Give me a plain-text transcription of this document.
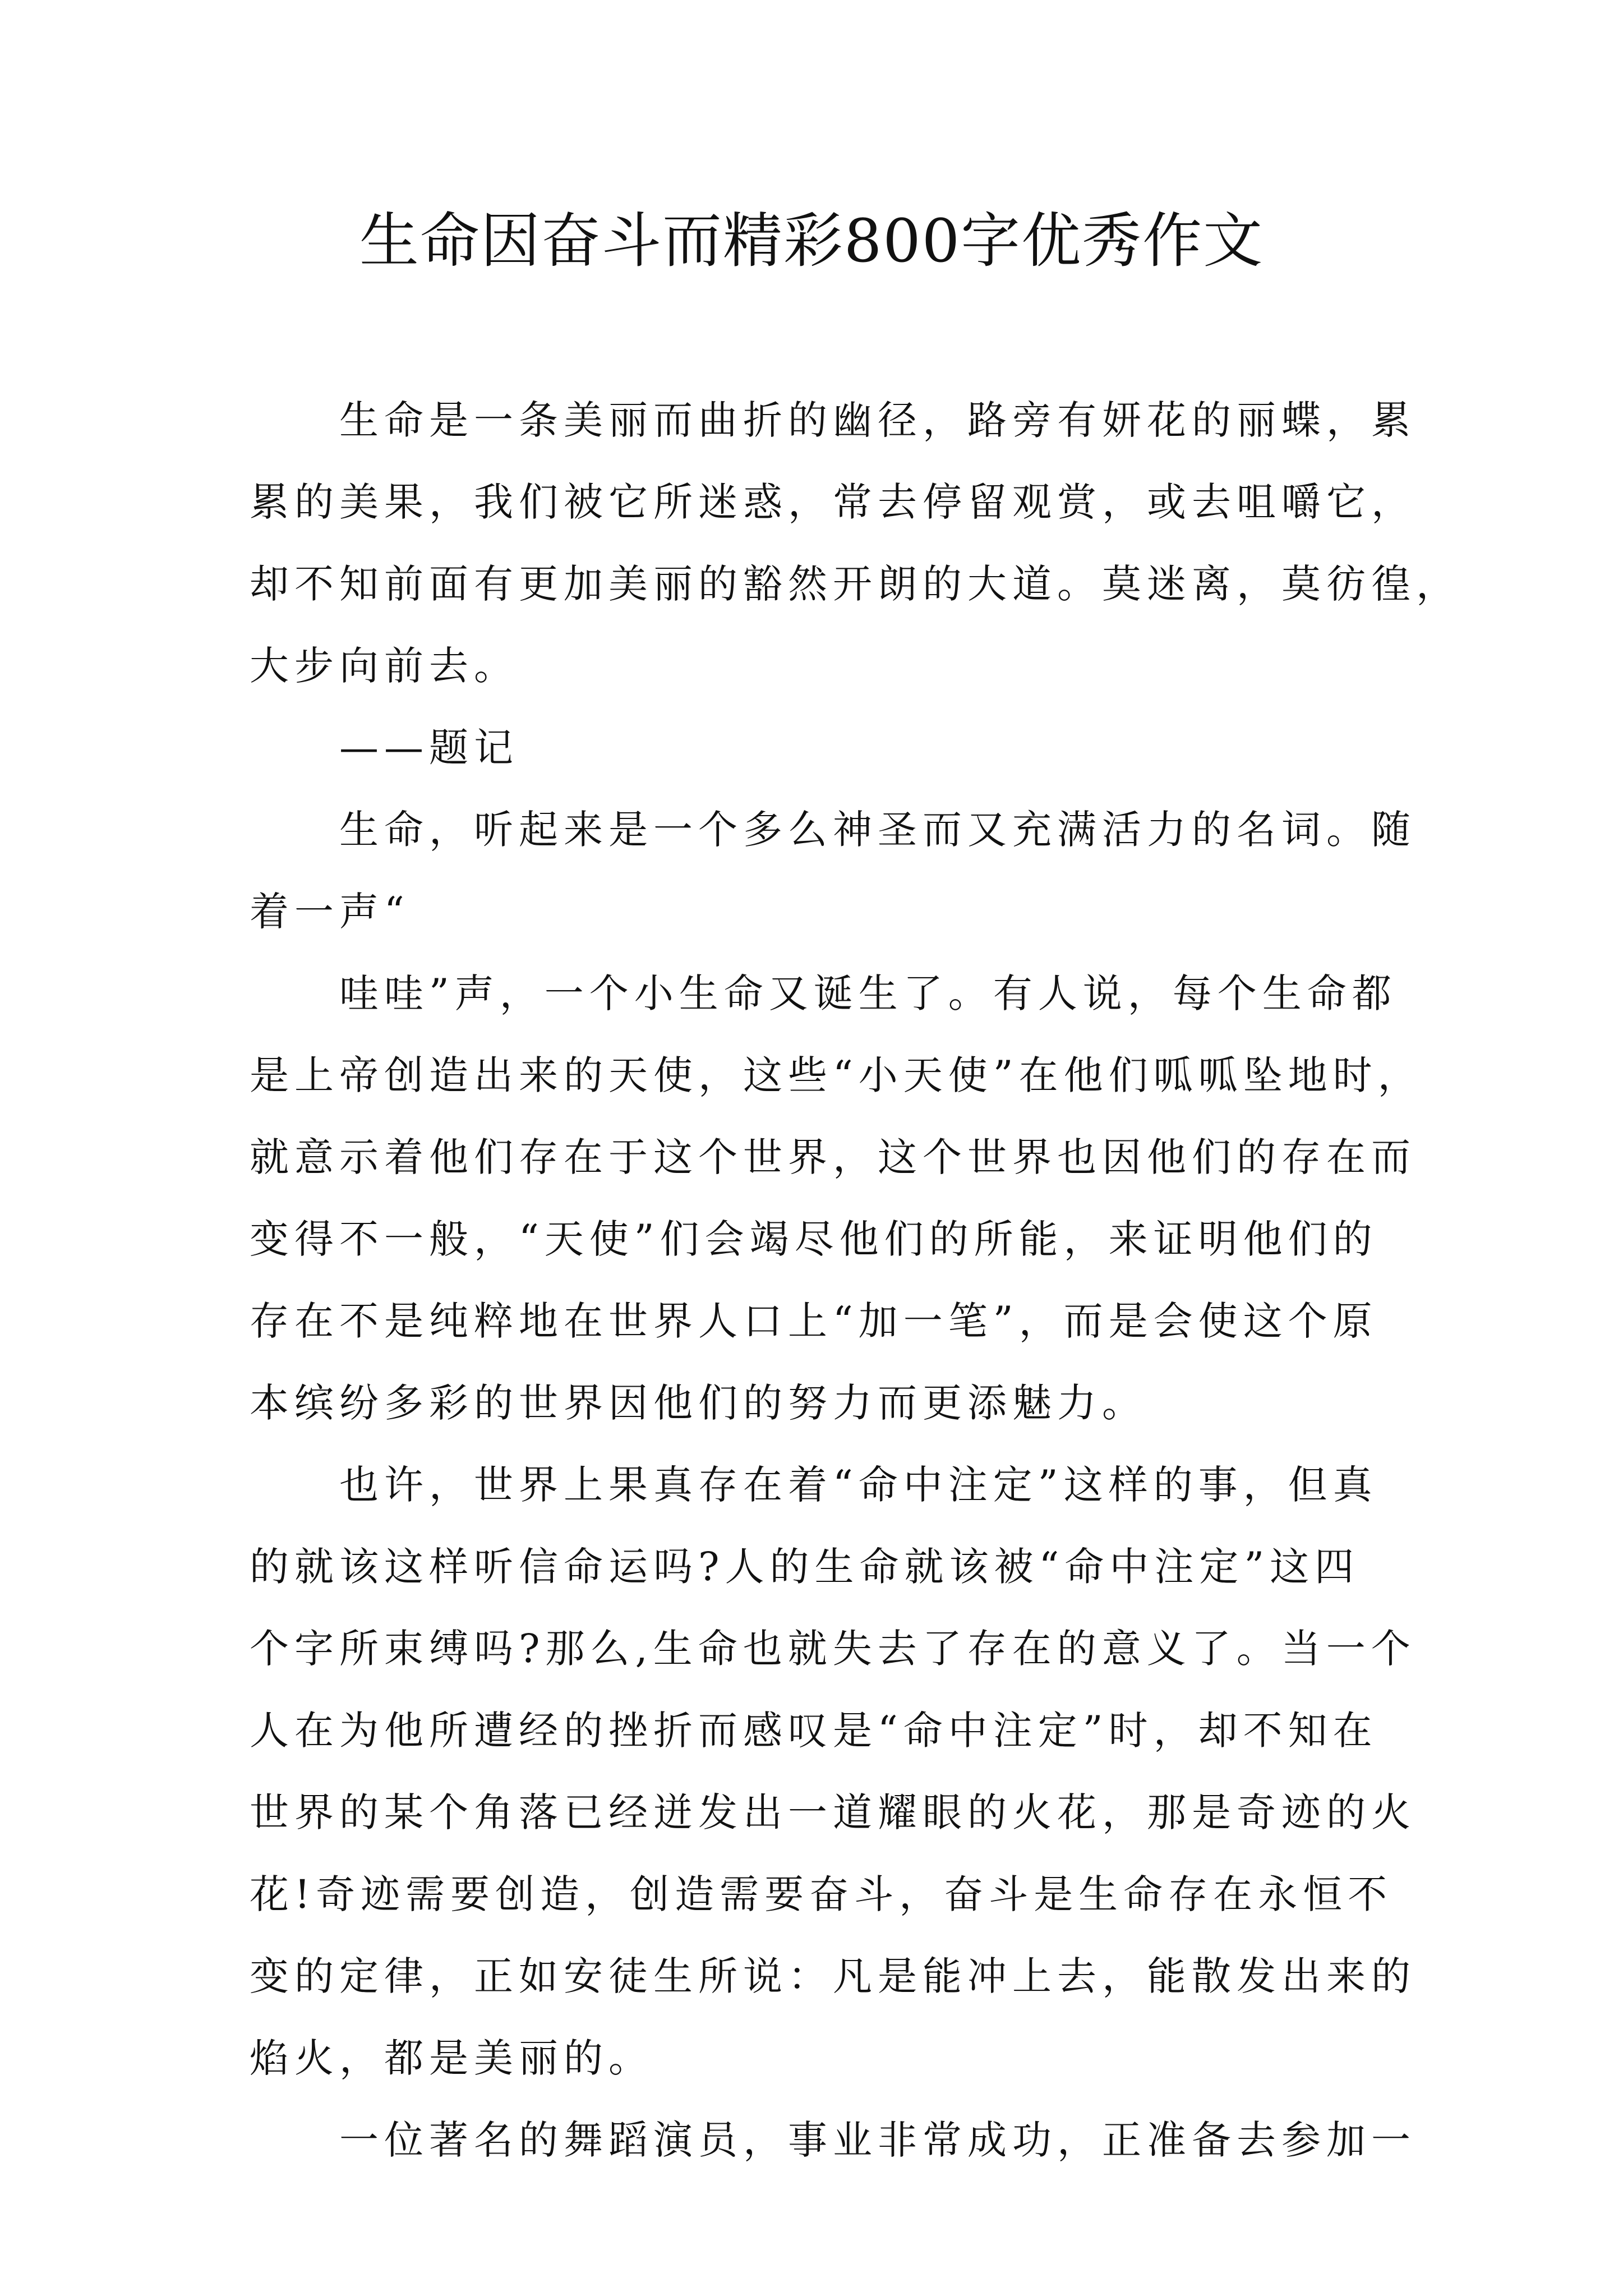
生命因奋斗而精彩800字优秀作文
生命是一条美丽而曲折的幽径，路旁有妍花的丽蝶，累
累的美果，我们被它所迷惑，常去停留观赏，或去咀嚼它，
却不知前面有更加美丽的豁然开朗的大道。莫迷离，莫彷徨，
大步向前去。
——题记
生命，听起来是一个多么神圣而又充满活力的名词。随
着一声“
哇哇”声，一个小生命又诞生了。有人说，每个生命都
是上帝创造出来的天使，这些“小天使”在他们呱呱坠地时，
就意示着他们存在于这个世界，这个世界也因他们的存在而
变得不一般，“天使”们会竭尽他们的所能，来证明他们的
存在不是纯粹地在世界人口上“加一笔”，而是会使这个原
本缤纷多彩的世界因他们的努力而更添魅力。
也许，世界上果真存在着“命中注定”这样的事，但真
的就该这样听信命运吗?人的生命就该被“命中注定”这四
个字所束缚吗?那么,生命也就失去了存在的意义了。当一个
人在为他所遭经的挫折而感叹是“命中注定”时，却不知在
世界的某个角落已经迸发出一道耀眼的火花，那是奇迹的火
花!奇迹需要创造，创造需要奋斗，奋斗是生命存在永恒不
变的定律，正如安徒生所说：凡是能冲上去，能散发出来的
焰火，都是美丽的。
一位著名的舞蹈演员，事业非常成功，正准备去参加一
